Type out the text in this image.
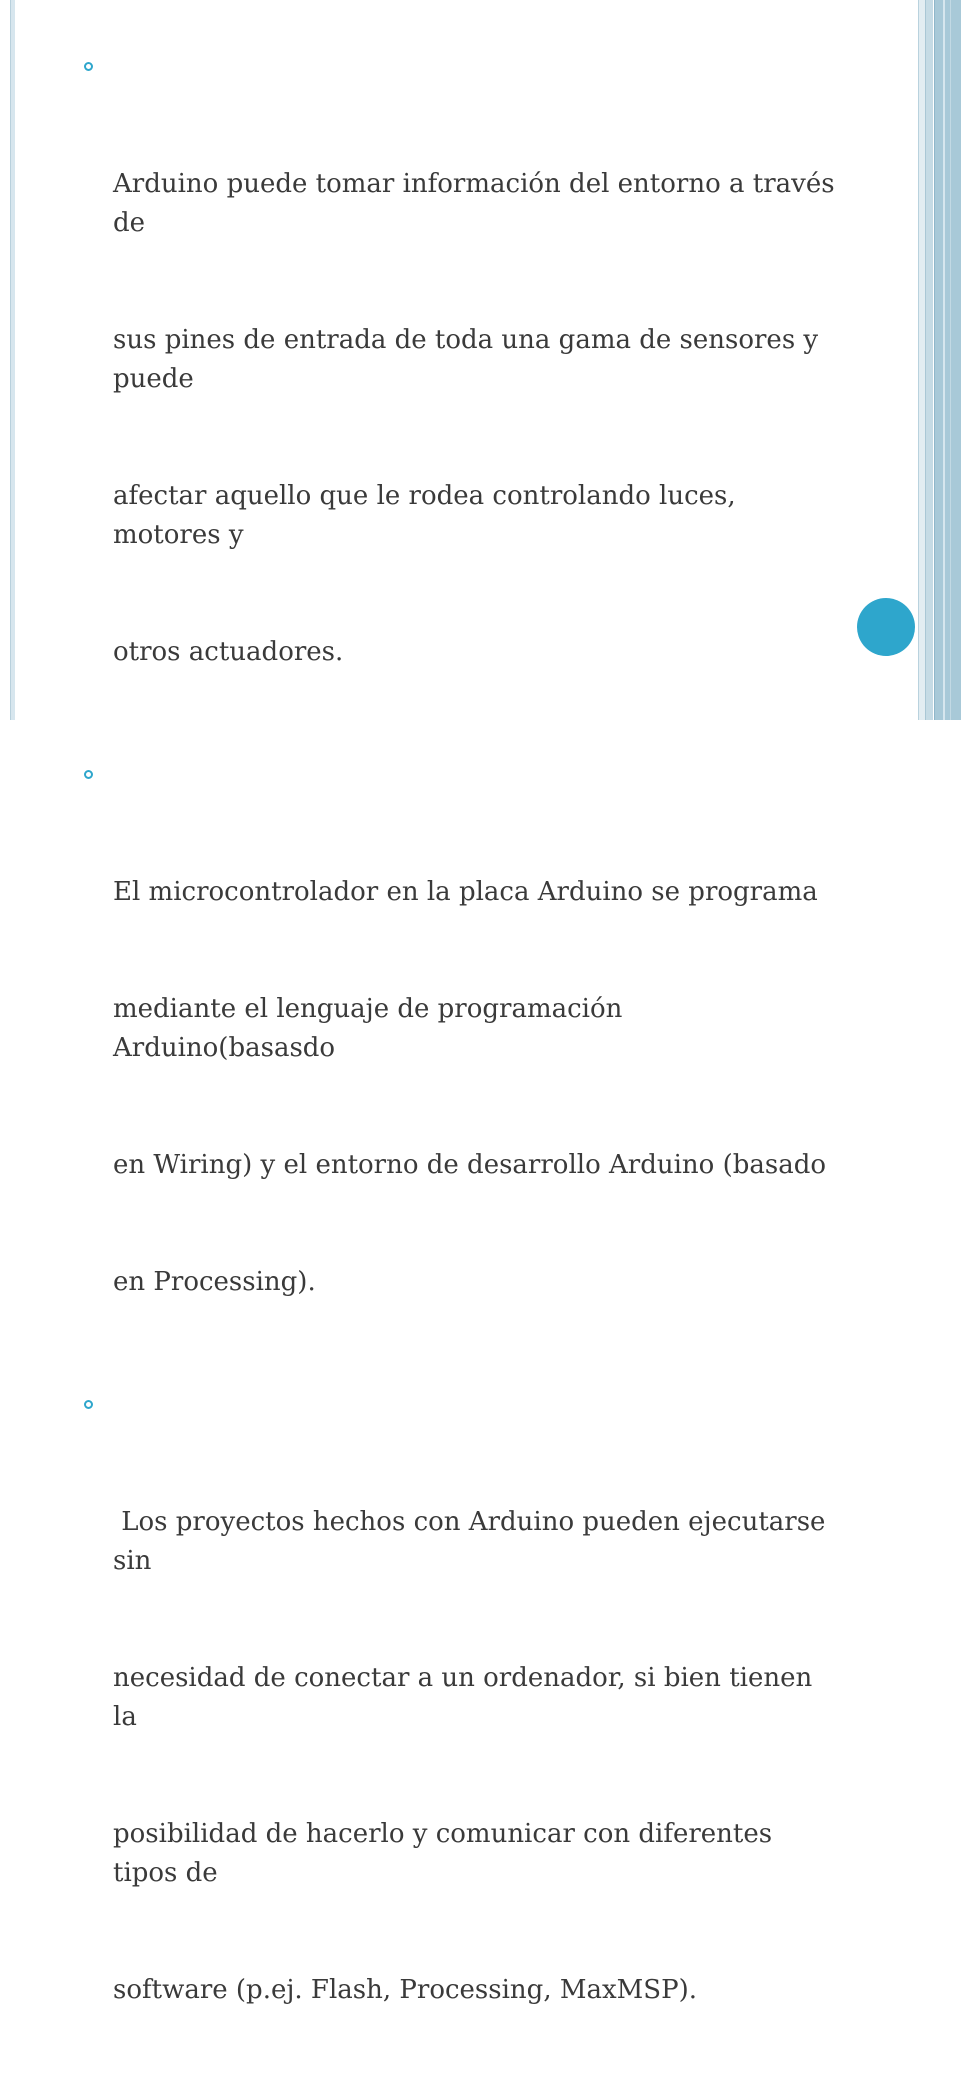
Arduino puede tomar información del entorno a través de

sus pines de entrada de toda una gama de sensores y puede

afectar aquello que le rodea controlando luces, motores y

otros actuadores.

El microcontrolador en la placa Arduino se programa

mediante el lenguaje de programación Arduino(basasdo

en Wiring) y el entorno de desarrollo Arduino (basado

en Processing).

Los proyectos hechos con Arduino pueden ejecutarse sin

necesidad de conectar a un ordenador, si bien tienen la

posibilidad de hacerlo y comunicar con diferentes tipos de

software (p.ej. Flash, Processing, MaxMSP).
